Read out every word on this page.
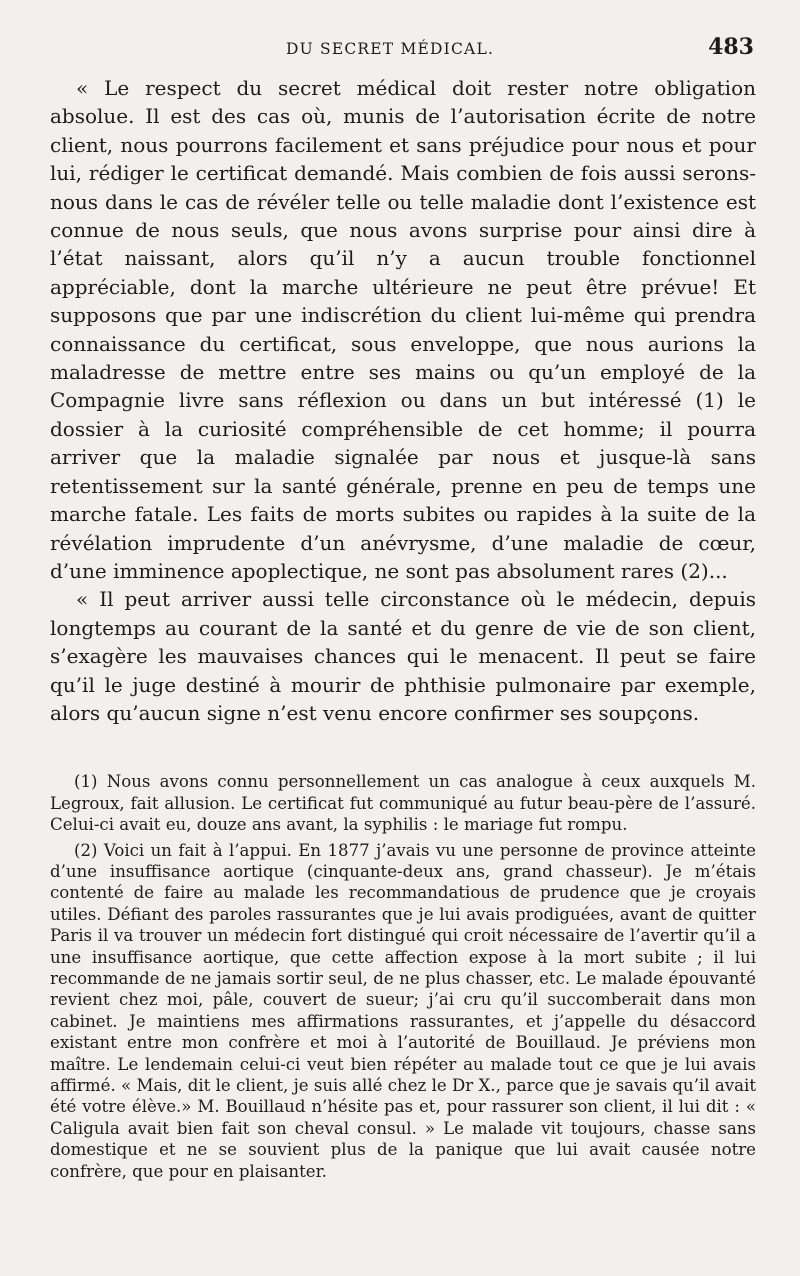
DU SECRET MÉDICAL.	483

« Le respect du secret médical doit rester notre obligation absolue. Il est des cas où, munis de l’autorisation écrite de notre client, nous pourrons facilement et sans préjudice pour nous et pour lui, rédiger le certificat demandé. Mais combien de fois aussi serons-nous dans le cas de révéler telle ou telle maladie dont l’existence est connue de nous seuls, que nous avons surprise pour ainsi dire à l’état naissant, alors qu’il n’y a aucun trouble fonctionnel appréciable, dont la marche ultérieure ne peut être prévue! Et supposons que par une indiscrétion du client lui-même qui prendra connaissance du certificat, sous enveloppe, que nous aurions la maladresse de mettre entre ses mains ou qu’un employé de la Compagnie livre sans réflexion ou dans un but intéressé (1) le dossier à la curiosité compréhensible de cet homme; il pourra arriver que la maladie signalée par nous et jusque-là sans retentissement sur la santé générale, prenne en peu de temps une marche fatale. Les faits de morts subites ou rapides à la suite de la révélation imprudente d’un anévrysme, d’une maladie de cœur, d’une imminence apoplectique, ne sont pas absolument rares (2)...

« Il peut arriver aussi telle circonstance où le médecin, depuis longtemps au courant de la santé et du genre de vie de son client, s’exagère les mauvaises chances qui le menacent. Il peut se faire qu’il le juge destiné à mourir de phthisie pulmonaire par exemple, alors qu’aucun signe n’est venu encore confirmer ses soupçons.

(1) Nous avons connu personnellement un cas analogue à ceux auxquels M. Legroux, fait allusion. Le certificat fut communiqué au futur beau-père de l’assuré. Celui-ci avait eu, douze ans avant, la syphilis : le mariage fut rompu.

(2) Voici un fait à l’appui. En 1877 j’avais vu une personne de province atteinte d’une insuffisance aortique (cinquante-deux ans, grand chasseur). Je m’étais contenté de faire au malade les recommandatious de prudence que je croyais utiles. Défiant des paroles rassurantes que je lui avais prodiguées, avant de quitter Paris il va trouver un médecin fort distingué qui croit nécessaire de l’avertir qu’il a une insuffisance aortique, que cette affection expose à la mort subite ; il lui recommande de ne jamais sortir seul, de ne plus chasser, etc. Le malade épouvanté revient chez moi, pâle, couvert de sueur; j’ai cru qu’il succomberait dans mon cabinet. Je maintiens mes affirmations rassurantes, et j’appelle du désaccord existant entre mon confrère et moi à l’autorité de Bouillaud. Je préviens mon maître. Le lendemain celui-ci veut bien répéter au malade tout ce que je lui avais affirmé. « Mais, dit le client, je suis allé chez le Dr X., parce que je savais qu’il avait été votre élève.» M. Bouillaud n’hésite pas et, pour rassurer son client, il lui dit : « Caligula avait bien fait son cheval consul. » Le malade vit toujours, chasse sans domestique et ne se souvient plus de la panique que lui avait causée notre confrère, que pour en plaisanter.
